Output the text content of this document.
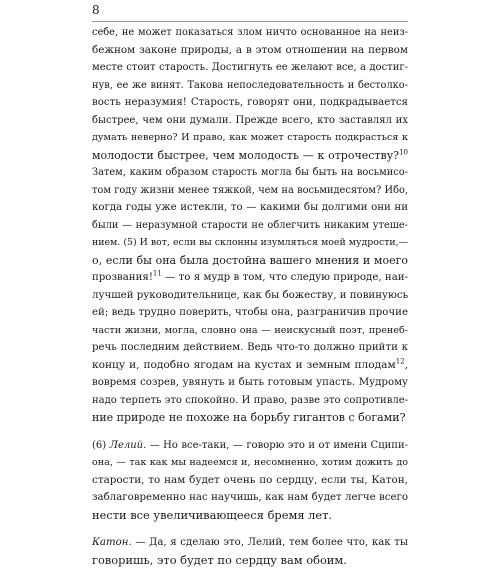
8
себе, не может показаться злом ничто основанное на неиз-
бежном законе природы, а в этом отношении на первом
месте стоит старость. Достигнуть ее желают все, а достиг-
нув, ее же винят. Такова непоследовательность и бестолко-
вость неразумия! Старость, говорят они, подкрадывается
быстрее, чем они думали. Прежде всего, кто заставлял их
думать неверно? И право, как может старость подкрасться к
молодости быстрее, чем молодость — к отрочеству?$^{10}$
Затем, каким образом старость могла бы быть на восьмисо-
том году жизни менее тяжкой, чем на восьмидесятом? Ибо,
когда годы уже истекли, то — какими бы долгими они ни
были — неразумной старости не облегчить никаким утеше-
нием. (5) И вот, если вы склонны изумляться моей мудрости,—
о, если бы она была достойна вашего мнения и моего
прозвания!$^{11}$ — то я мудр в том, что следую природе, наи-
лучшей руководительнице, как бы божеству, и повинуюсь
ей; ведь трудно поверить, чтобы она, разграничив прочие
части жизни, могла, словно она — неискусный поэт, пренеб-
речь последним действием. Ведь что-то должно прийти к
концу и, подобно ягодам на кустах и земным плодам$^{12}$,
вовремя созрев, увянуть и быть готовым упасть. Мудрому
надо терпеть это спокойно. И право, разве это сопротивле-
ние природе не похоже на борьбу гигантов с богами?
(6) Лелий. — Но все-таки, — говорю это и от имени Сципи-
она, — так как мы надеемся и, несомненно, хотим дожить до
старости, то нам будет очень по сердцу, если ты, Катон,
заблаговременно нас научишь, как нам будет легче всего
нести все увеличивающееся бремя лет.
Катон. — Да, я сделаю это, Лелий, тем более что, как ты
говоришь, это будет по сердцу вам обоим.
